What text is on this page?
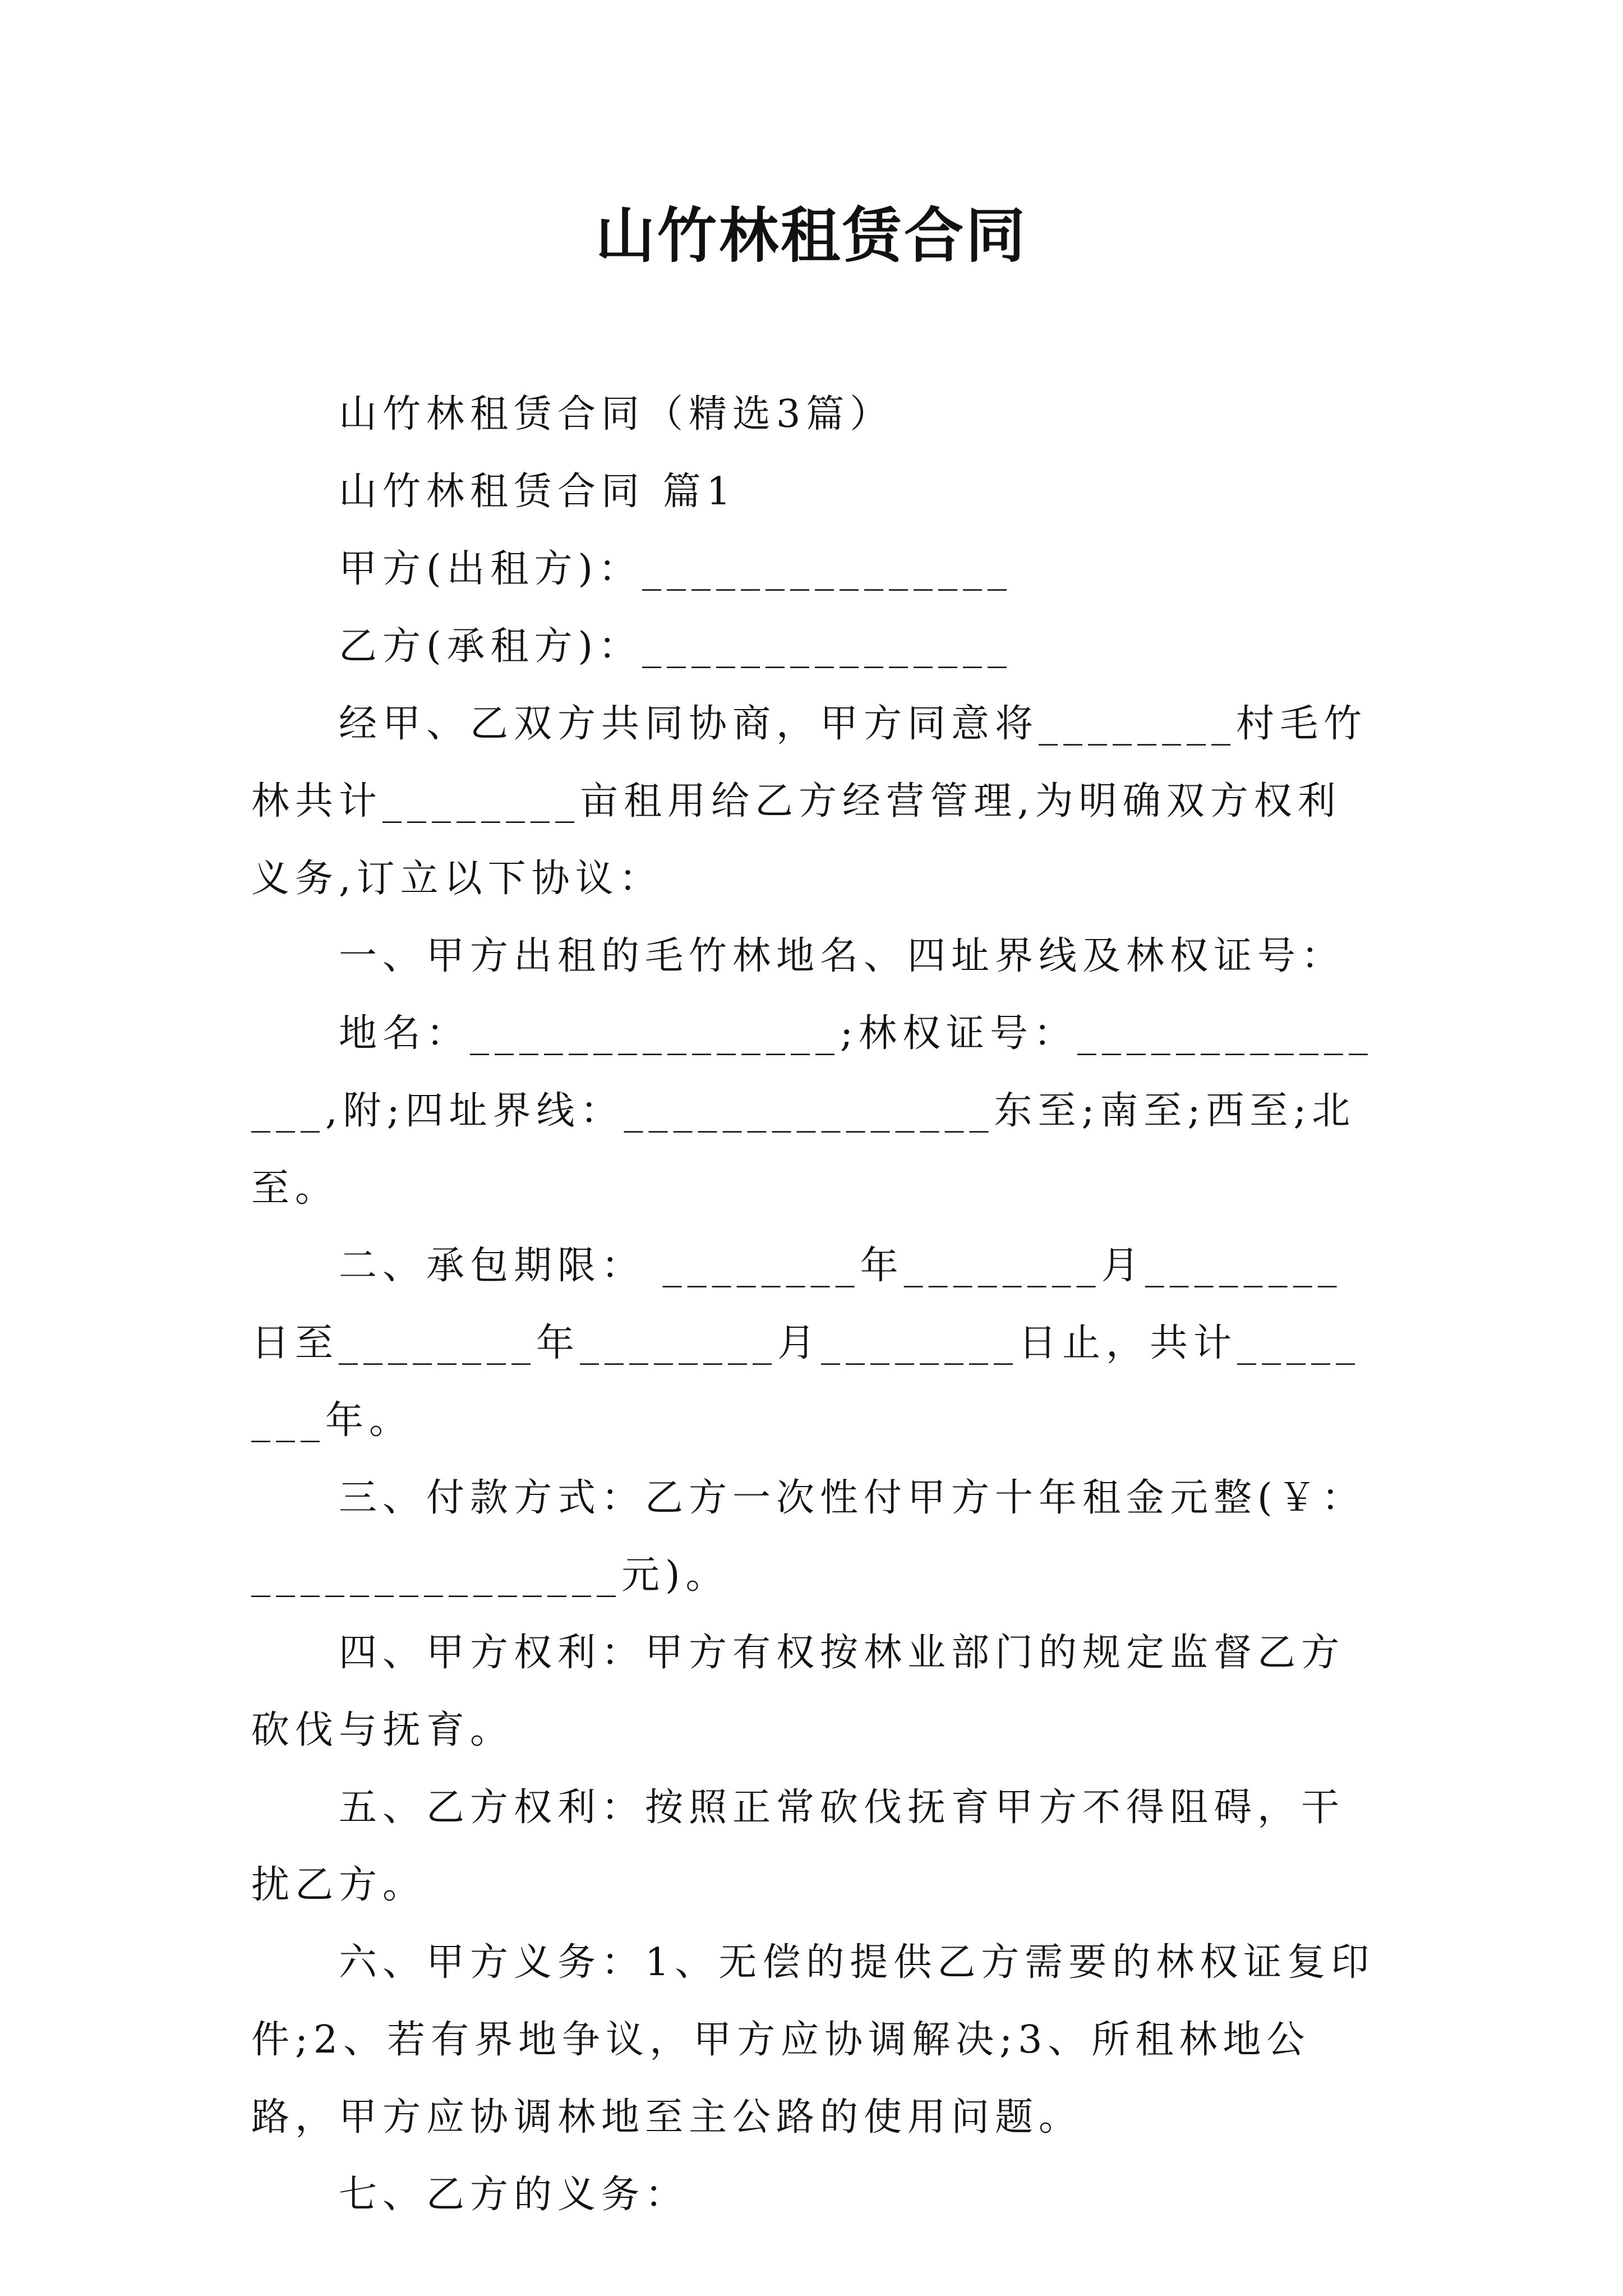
山竹林租赁合同

山竹林租赁合同（精选3篇）

山竹林租赁合同 篇1

甲方(出租方)：_______________

乙方(承租方)：_______________

经甲、乙双方共同协商，甲方同意将________村毛竹林共计________亩租用给乙方经营管理,为明确双方权利义务,订立以下协议：

一、甲方出租的毛竹林地名、四址界线及林权证号：

地名：_______________;林权证号：_______________,附;四址界线：_______________东至;南至;西至;北至。

二、承包期限： ________年________月________日至________年________月________日止，共计________年。

三、付款方式：乙方一次性付甲方十年租金元整(￥：_______________元)。

四、甲方权利：甲方有权按林业部门的规定监督乙方砍伐与抚育。

五、乙方权利：按照正常砍伐抚育甲方不得阻碍，干扰乙方。

六、甲方义务：1、无偿的提供乙方需要的林权证复印件;2、若有界地争议，甲方应协调解决;3、所租林地公路，甲方应协调林地至主公路的使用问题。

七、乙方的义务：
